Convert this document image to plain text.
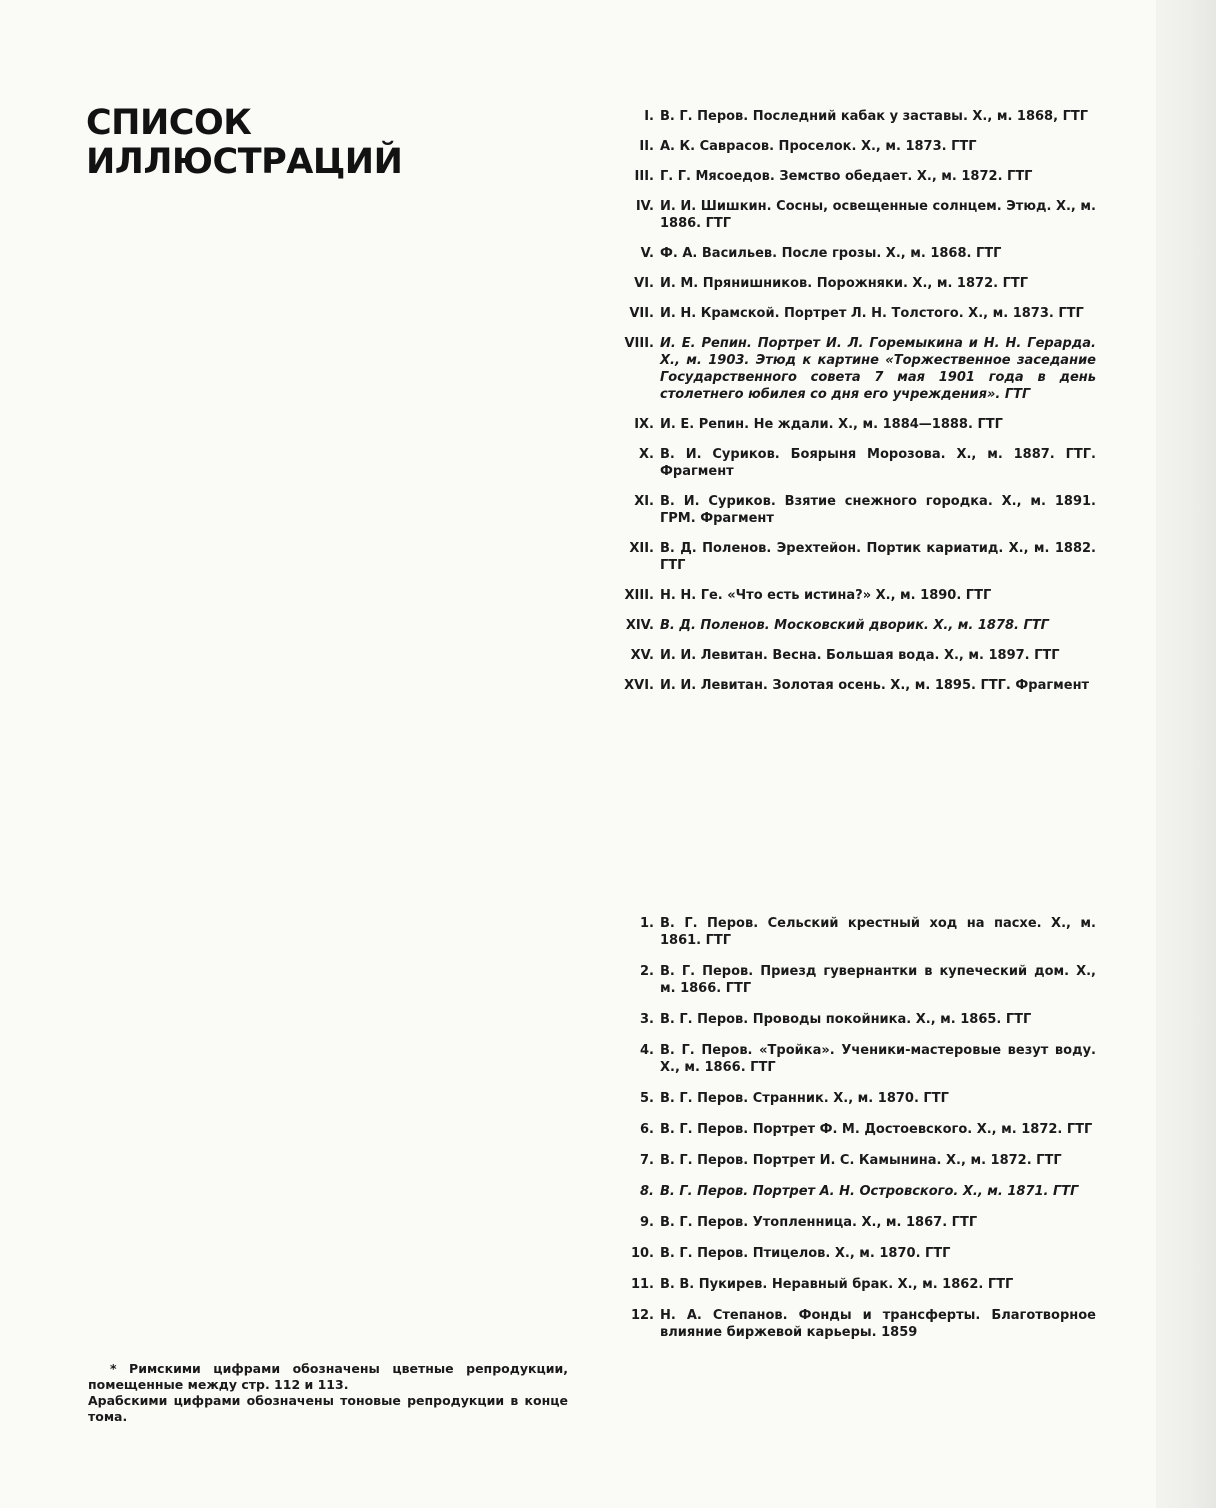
СПИСОК
ИЛЛЮСТРАЦИЙ
I. В. Г. Перов. Последний кабак у заставы. Х., м. 1868, ГТГ
II. А. К. Саврасов. Проселок. Х., м. 1873. ГТГ
III. Г. Г. Мясоедов. Земство обедает. Х., м. 1872. ГТГ
IV. И. И. Шишкин. Сосны, освещенные солнцем. Этюд. Х., м. 1886. ГТГ
V. Ф. А. Васильев. После грозы. Х., м. 1868. ГТГ
VI. И. М. Прянишников. Порожняки. Х., м. 1872. ГТГ
VII. И. Н. Крамской. Портрет Л. Н. Толстого. Х., м. 1873. ГТГ
VIII. И. Е. Репин. Портрет И. Л. Горемыкина и Н. Н. Герарда. Х., м. 1903. Этюд к картине «Торжественное заседание Государственного совета 7 мая 1901 года в день столетнего юбилея со дня его учреждения». ГТГ
IX. И. Е. Репин. Не ждали. Х., м. 1884—1888. ГТГ
X. В. И. Суриков. Боярыня Морозова. Х., м. 1887. ГТГ. Фрагмент
XI. В. И. Суриков. Взятие снежного городка. Х., м. 1891. ГРМ. Фрагмент
XII. В. Д. Поленов. Эрехтейон. Портик кариатид. Х., м. 1882. ГТГ
XIII. Н. Н. Ге. «Что есть истина?» Х., м. 1890. ГТГ
XIV. В. Д. Поленов. Московский дворик. Х., м. 1878. ГТГ
XV. И. И. Левитан. Весна. Большая вода. Х., м. 1897. ГТГ
XVI. И. И. Левитан. Золотая осень. Х., м. 1895. ГТГ. Фрагмент
1. В. Г. Перов. Сельский крестный ход на пасхе. Х., м. 1861. ГТГ
2. В. Г. Перов. Приезд гувернантки в купеческий дом. Х., м. 1866. ГТГ
3. В. Г. Перов. Проводы покойника. Х., м. 1865. ГТГ
4. В. Г. Перов. «Тройка». Ученики-мастеровые везут воду. Х., м. 1866. ГТГ
5. В. Г. Перов. Странник. Х., м. 1870. ГТГ
6. В. Г. Перов. Портрет Ф. М. Достоевского. Х., м. 1872. ГТГ
7. В. Г. Перов. Портрет И. С. Камынина. Х., м. 1872. ГТГ
8. В. Г. Перов. Портрет А. Н. Островского. Х., м. 1871. ГТГ
9. В. Г. Перов. Утопленница. Х., м. 1867. ГТГ
10. В. Г. Перов. Птицелов. Х., м. 1870. ГТГ
11. В. В. Пукирев. Неравный брак. Х., м. 1862. ГТГ
12. Н. А. Степанов. Фонды и трансферты. Благотворное влияние биржевой карьеры. 1859

* Римскими цифрами обозначены цветные репродукции, помещенные между стр. 112 и 113.

Арабскими цифрами обозначены тоновые репродукции в конце тома.
